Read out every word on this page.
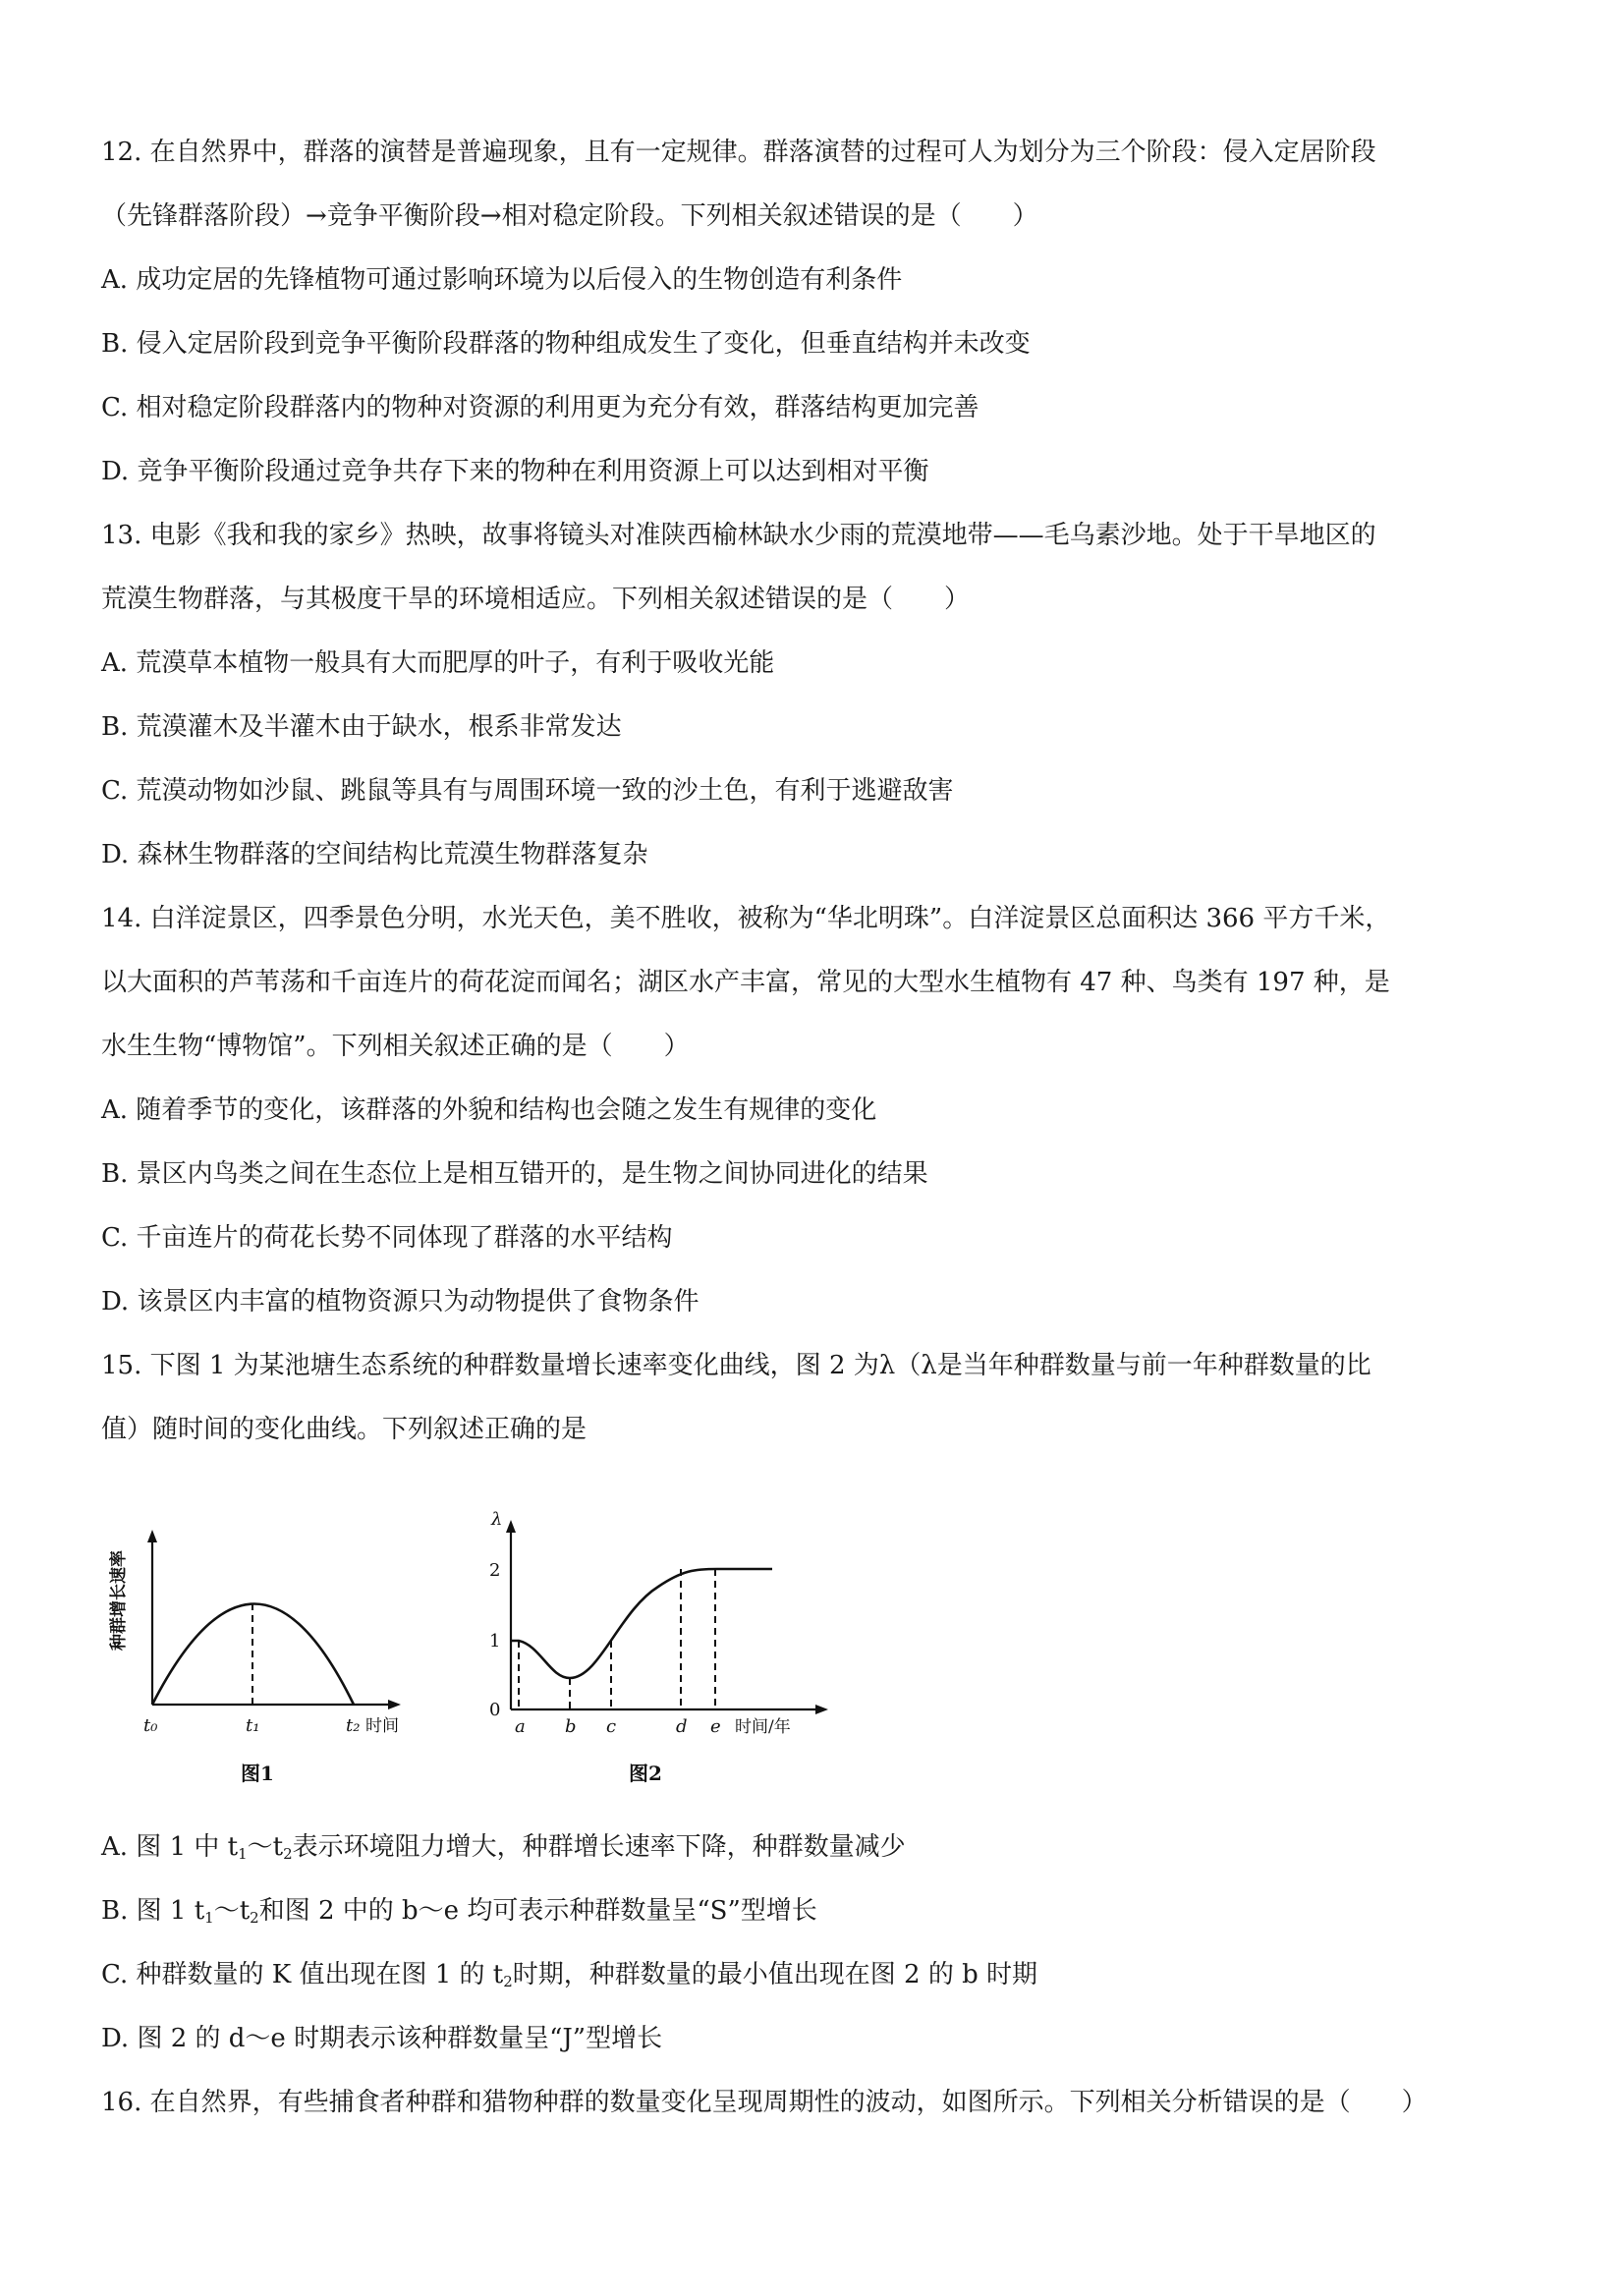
12. 在自然界中，群落的演替是普遍现象，且有一定规律。群落演替的过程可人为划分为三个阶段：侵入定居阶段
（先锋群落阶段）→竞争平衡阶段→相对稳定阶段。下列相关叙述错误的是（　　）
A. 成功定居的先锋植物可通过影响环境为以后侵入的生物创造有利条件
B. 侵入定居阶段到竞争平衡阶段群落的物种组成发生了变化，但垂直结构并未改变
C. 相对稳定阶段群落内的物种对资源的利用更为充分有效，群落结构更加完善
D. 竞争平衡阶段通过竞争共存下来的物种在利用资源上可以达到相对平衡
13. 电影《我和我的家乡》热映，故事将镜头对准陕西榆林缺水少雨的荒漠地带——毛乌素沙地。处于干旱地区的
荒漠生物群落，与其极度干旱的环境相适应。下列相关叙述错误的是（　　）
A. 荒漠草本植物一般具有大而肥厚的叶子，有利于吸收光能
B. 荒漠灌木及半灌木由于缺水，根系非常发达
C. 荒漠动物如沙鼠、跳鼠等具有与周围环境一致的沙土色，有利于逃避敌害
D. 森林生物群落的空间结构比荒漠生物群落复杂
14. 白洋淀景区，四季景色分明，水光天色，美不胜收，被称为“华北明珠”。白洋淀景区总面积达 366 平方千米，
以大面积的芦苇荡和千亩连片的荷花淀而闻名；湖区水产丰富，常见的大型水生植物有 47 种、鸟类有 197 种，是
水生生物“博物馆”。下列相关叙述正确的是（　　）
A. 随着季节的变化，该群落的外貌和结构也会随之发生有规律的变化
B. 景区内鸟类之间在生态位上是相互错开的，是生物之间协同进化的结果
C. 千亩连片的荷花长势不同体现了群落的水平结构
D. 该景区内丰富的植物资源只为动物提供了食物条件
15. 下图 1 为某池塘生态系统的种群数量增长速率变化曲线，图 2 为λ（λ是当年种群数量与前一年种群数量的比
值）随时间的变化曲线。下列叙述正确的是
种群增长速率
t₀	t₁	t₂ 时间
图1
λ
0
1
2
a b c	d e 时间/年
图2
A. 图 1 中 $t_1\sim t_2$表示环境阻力增大，种群增长速率下降，种群数量减少
B. 图 1 $t_1\sim t_2$和图 2 中的 b～e 均可表示种群数量呈“S”型增长
C. 种群数量的 K 值出现在图 1 的 $t_2$时期，种群数量的最小值出现在图 2 的 b 时期
D. 图 2 的 d～e 时期表示该种群数量呈“J”型增长
16. 在自然界，有些捕食者种群和猎物种群的数量变化呈现周期性的波动，如图所示。下列相关分析错误的是（　　）
